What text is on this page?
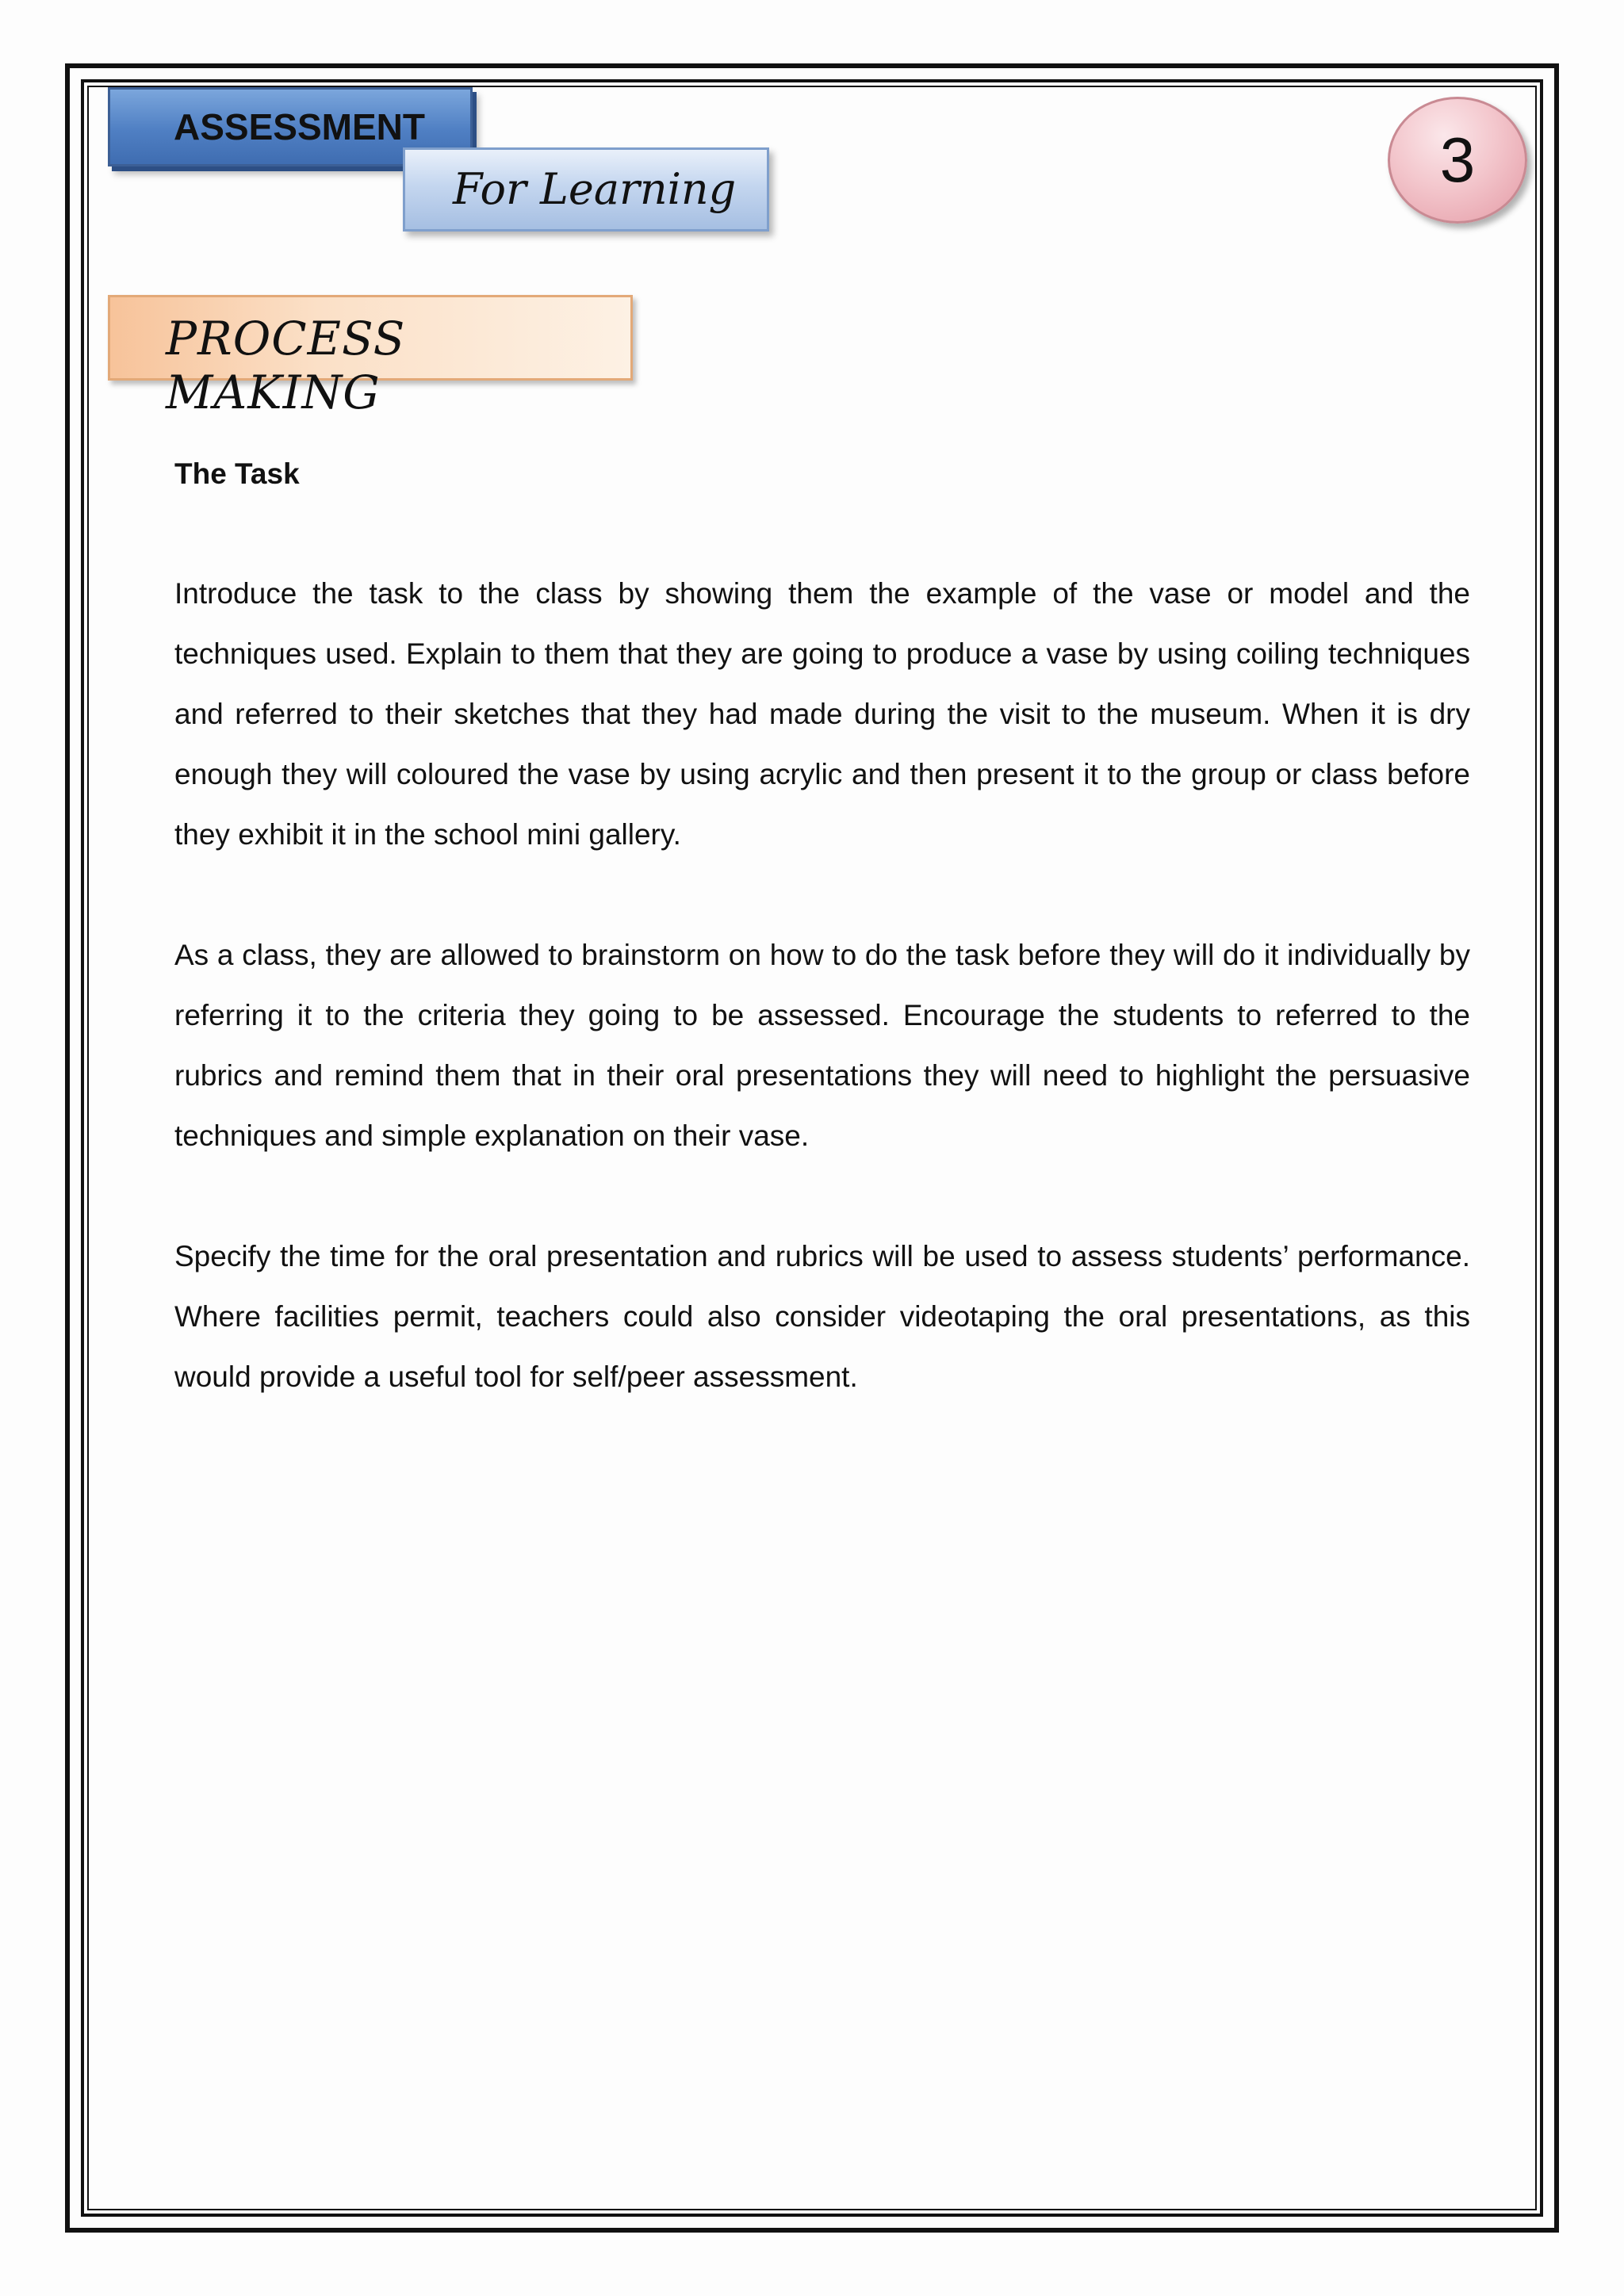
ASSESSMENT
For Learning	3
PROCESS MAKING
The Task

Introduce the task to the class by showing them the example of the vase or model and the techniques used. Explain to them that they are going to produce a vase by using coiling techniques and referred to their sketches that they had made during the visit to the museum. When it is dry enough they will coloured the vase by using acrylic and then present it to the group or class before they exhibit it in the school mini gallery.

As a class, they are allowed to brainstorm on how to do the task before they will do it individually by referring it to the criteria they going to be assessed. Encourage the students to referred to the rubrics and remind them that in their oral presentations they will need to highlight the persuasive techniques and simple explanation on their vase.

Specify the time for the oral presentation and rubrics will be used to assess students’ performance. Where facilities permit, teachers could also consider videotaping the oral presentations, as this would provide a useful tool for self/peer assessment.
